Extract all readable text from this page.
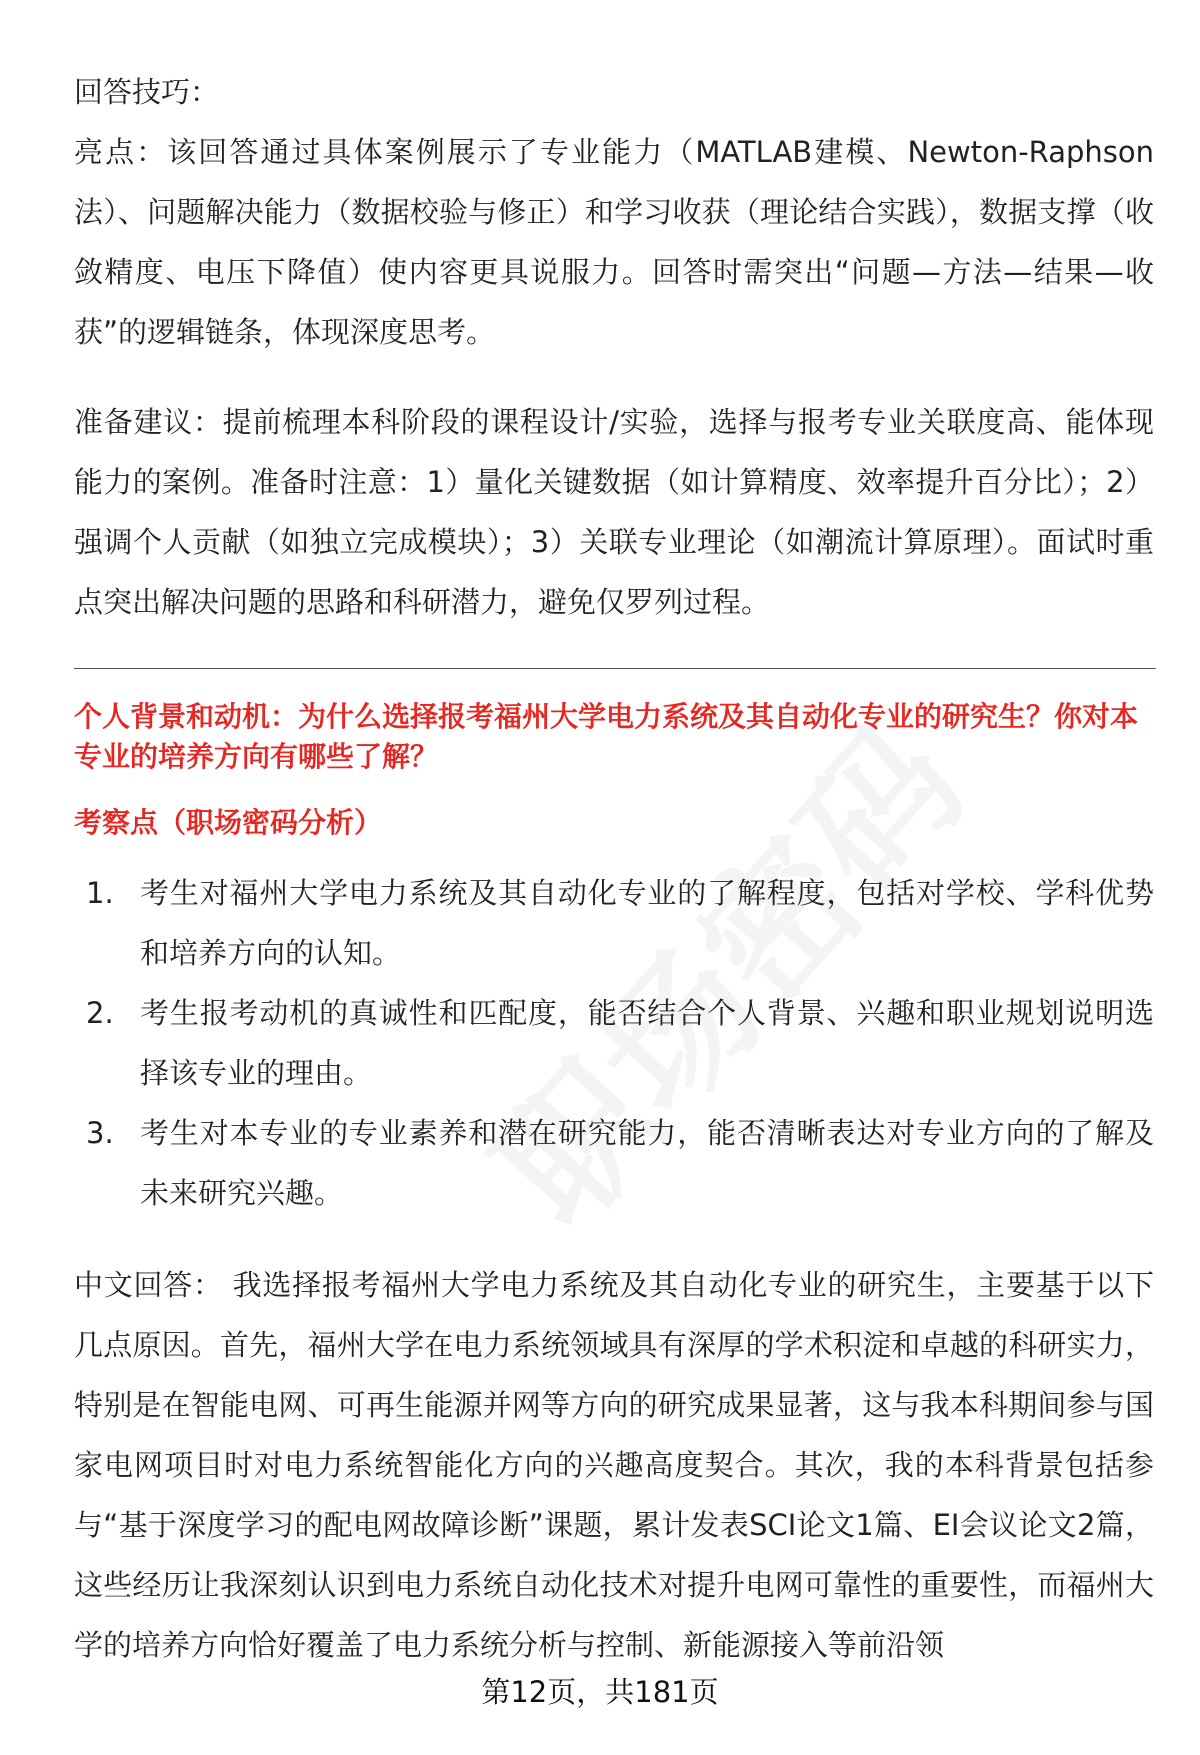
回答技巧：

亮点：该回答通过具体案例展示了专业能力（MATLAB建模、Newton-Raphson法）、问题解决能力（数据校验与修正）和学习收获（理论结合实践），数据支撑（收敛精度、电压下降值）使内容更具说服力。回答时需突出“问题—方法—结果—收获”的逻辑链条，体现深度思考。

准备建议：提前梳理本科阶段的课程设计/实验，选择与报考专业关联度高、能体现能力的案例。准备时注意：1）量化关键数据（如计算精度、效率提升百分比）；2）强调个人贡献（如独立完成模块）；3）关联专业理论（如潮流计算原理）。面试时重点突出解决问题的思路和科研潜力，避免仅罗列过程。

个人背景和动机：为什么选择报考福州大学电力系统及其自动化专业的研究生？你对本专业的培养方向有哪些了解？

考察点（职场密码分析）

1. 考生对福州大学电力系统及其自动化专业的了解程度，包括对学校、学科优势和培养方向的认知。
2. 考生报考动机的真诚性和匹配度，能否结合个人背景、兴趣和职业规划说明选择该专业的理由。
3. 考生对本专业的专业素养和潜在研究能力，能否清晰表达对专业方向的了解及未来研究兴趣。

中文回答： 我选择报考福州大学电力系统及其自动化专业的研究生，主要基于以下几点原因。首先，福州大学在电力系统领域具有深厚的学术积淀和卓越的科研实力，特别是在智能电网、可再生能源并网等方向的研究成果显著，这与我本科期间参与国家电网项目时对电力系统智能化方向的兴趣高度契合。其次，我的本科背景包括参与“基于深度学习的配电网故障诊断”课题，累计发表SCI论文1篇、EI会议论文2篇，这些经历让我深刻认识到电力系统自动化技术对提升电网可靠性的重要性，而福州大学的培养方向恰好覆盖了电力系统分析与控制、新能源接入等前沿领

第12页，共181页
